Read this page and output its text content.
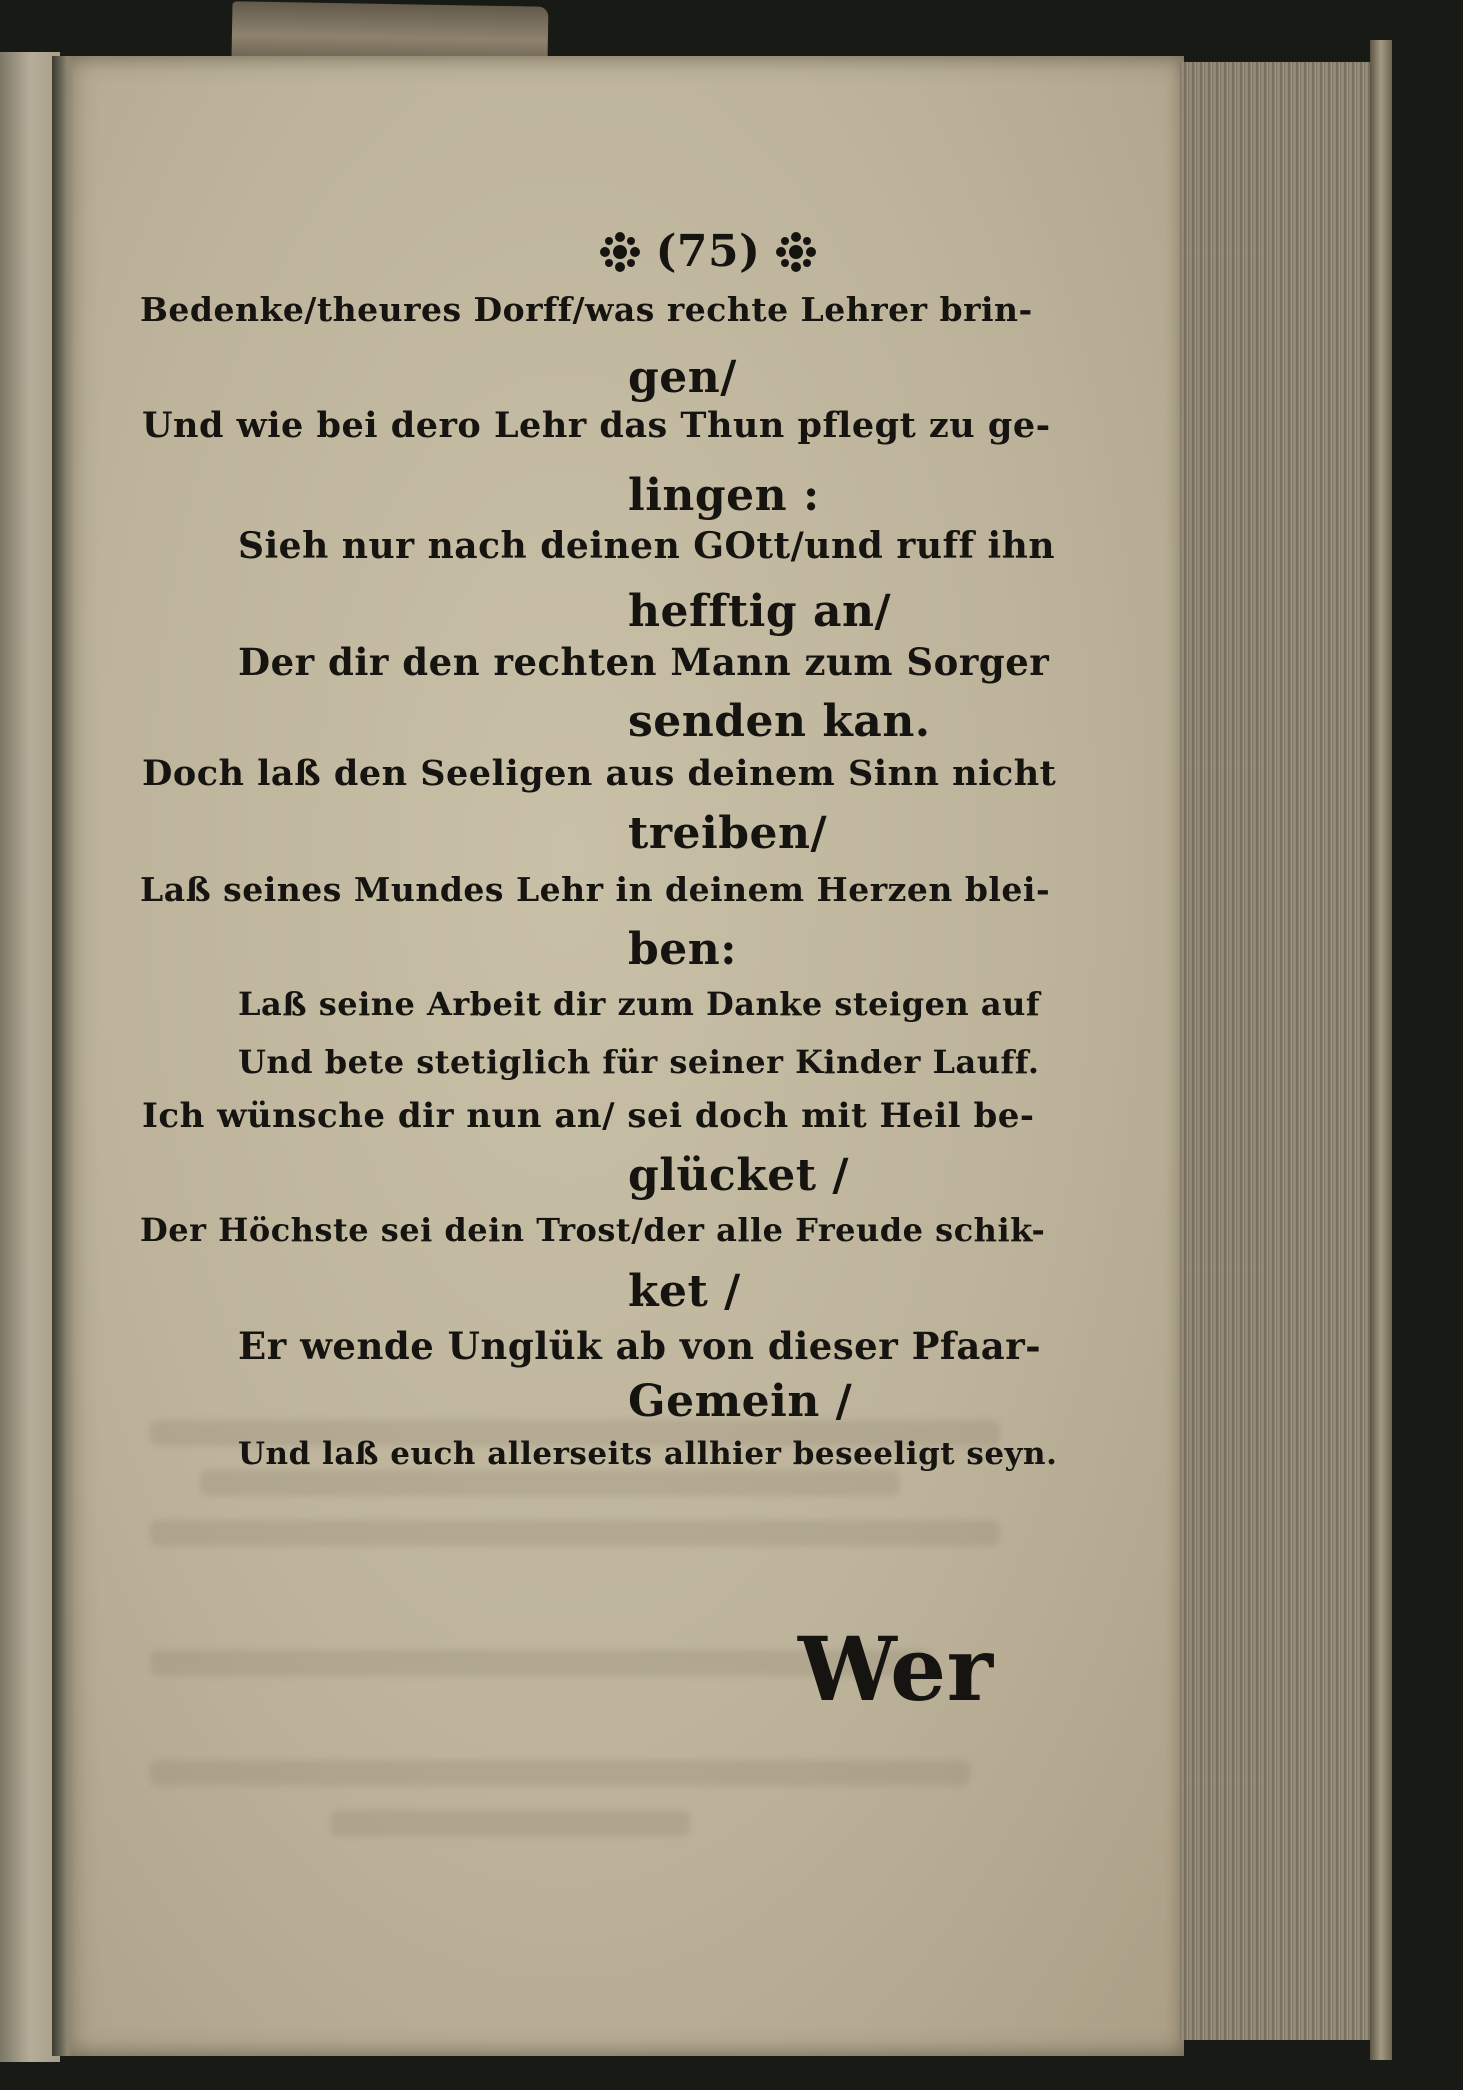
(75)
Bedenke/theures Dorff/was rechte Lehrer brin-
gen/
Und wie bei dero Lehr das Thun pflegt zu ge-
lingen :
Sieh nur nach deinen GOtt/und ruff ihn
hefftig an/
Der dir den rechten Mann zum Sorger
senden kan.
Doch laß den Seeligen aus deinem Sinn nicht
treiben/
Laß seines Mundes Lehr in deinem Herzen blei-
ben:
Laß seine Arbeit dir zum Danke steigen auf
Und bete stetiglich für seiner Kinder Lauff.
Ich wünsche dir nun an/ sei doch mit Heil be-
glücket /
Der Höchste sei dein Trost/der alle Freude schik-
ket /
Er wende Unglük ab von dieser Pfaar-
Gemein /
Und laß euch allerseits allhier beseeligt seyn.
Wer
